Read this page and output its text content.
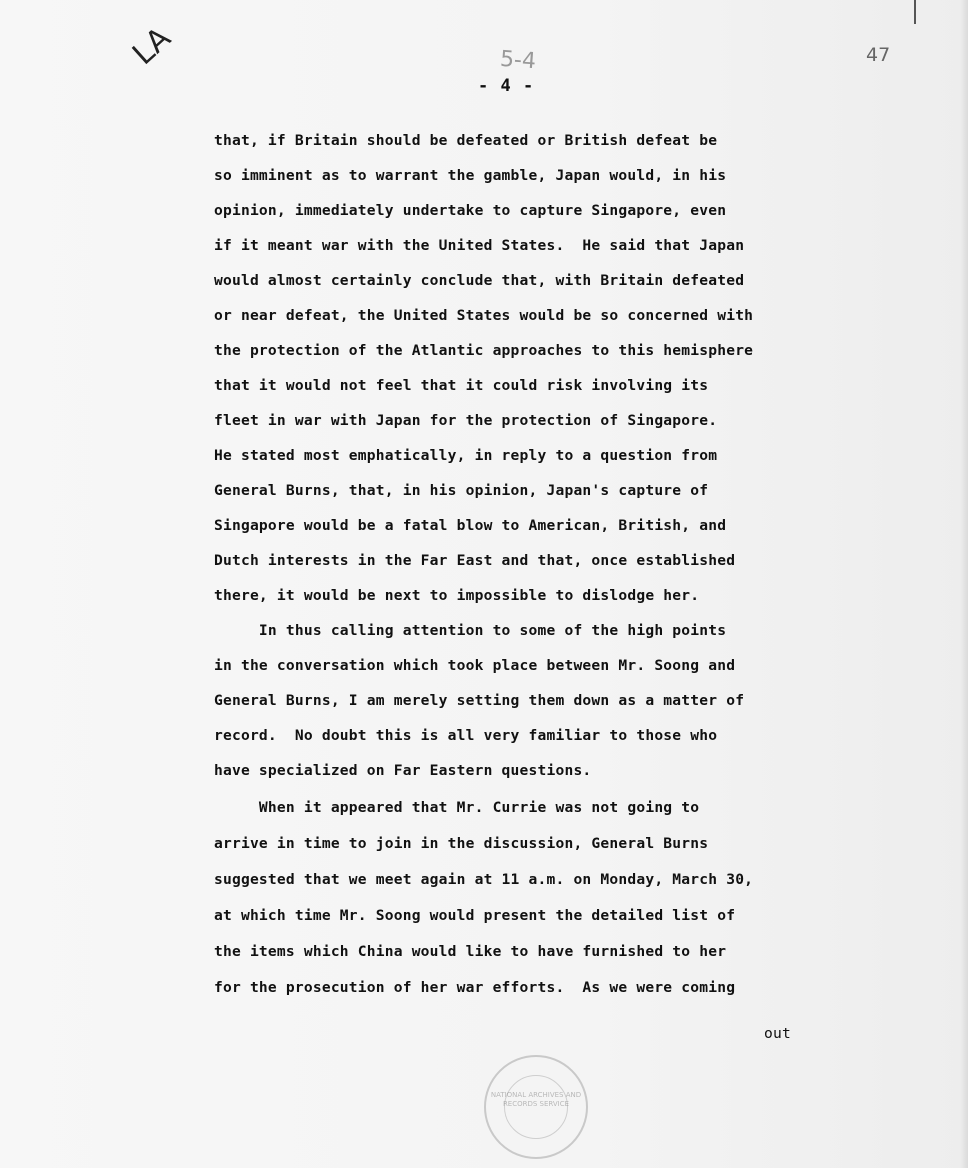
LA	5-4	47
- 4 -
that, if Britain should be defeated or British defeat be
so imminent as to warrant the gamble, Japan would, in his
opinion, immediately undertake to capture Singapore, even
if it meant war with the United States.  He said that Japan
would almost certainly conclude that, with Britain defeated
or near defeat, the United States would be so concerned with
the protection of the Atlantic approaches to this hemisphere
that it would not feel that it could risk involving its
fleet in war with Japan for the protection of Singapore.
He stated most emphatically, in reply to a question from
General Burns, that, in his opinion, Japan's capture of
Singapore would be a fatal blow to American, British, and
Dutch interests in the Far East and that, once established
there, it would be next to impossible to dislodge her.
In thus calling attention to some of the high points
in the conversation which took place between Mr. Soong and
General Burns, I am merely setting them down as a matter of
record.  No doubt this is all very familiar to those who
have specialized on Far Eastern questions.
When it appeared that Mr. Currie was not going to
arrive in time to join in the discussion, General Burns
suggested that we meet again at 11 a.m. on Monday, March 30,
at which time Mr. Soong would present the detailed list of
the items which China would like to have furnished to her
for the prosecution of her war efforts.  As we were coming
out
NATIONAL ARCHIVES AND RECORDS SERVICE
